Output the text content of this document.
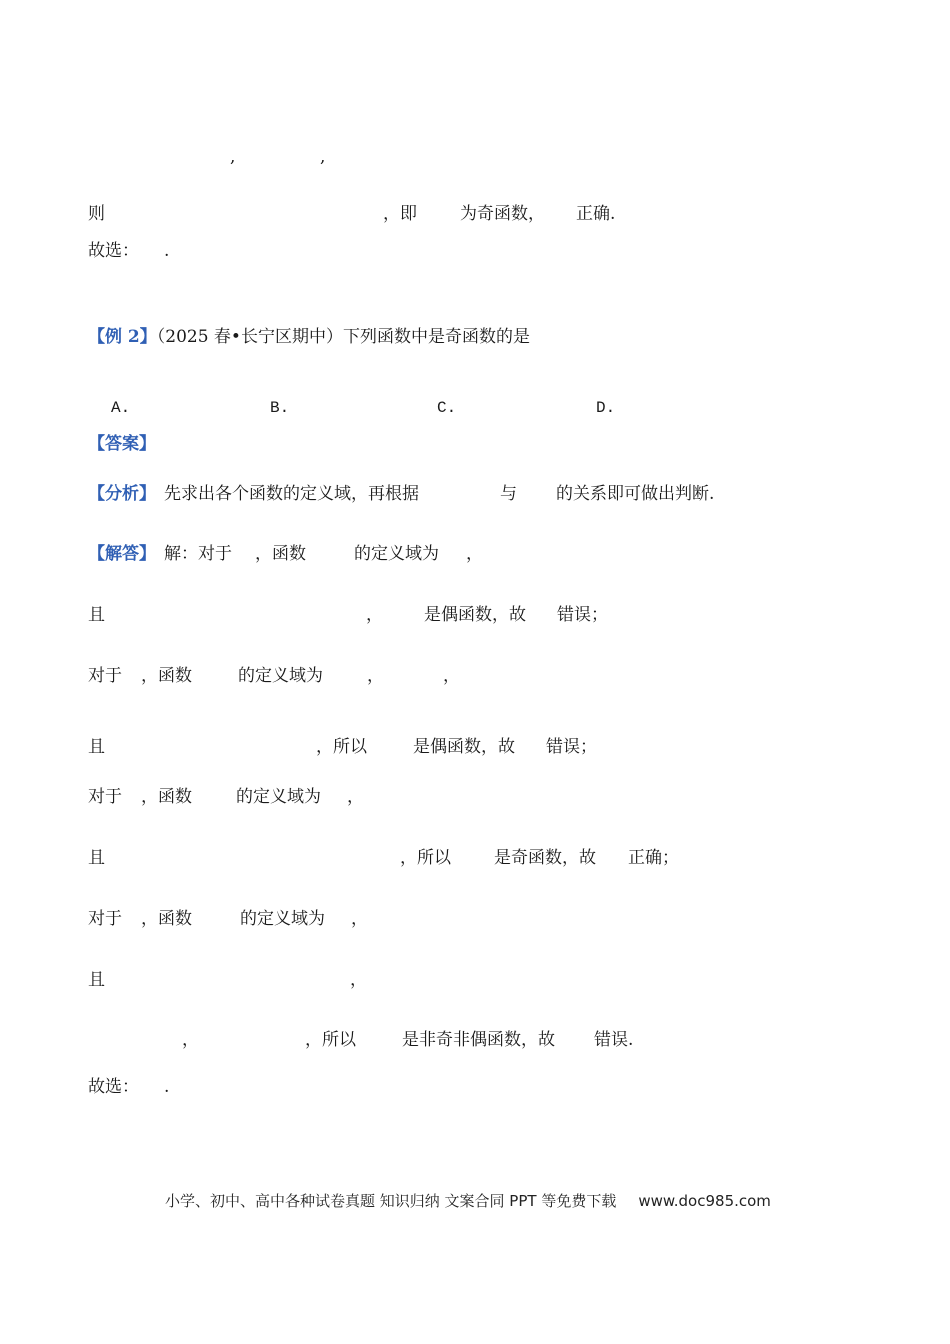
,	,
则	，即	为奇函数， 正确.
故选： .
【例 2】（2025 春•长宁区期中）下列函数中是奇函数的是
A.	B.	C.	D.
【答案】
【分析】 先求出各个函数的定义域，再根据	与 的关系即可做出判断.
【解答】 解：对于 ，函数	的定义域为 ，
且	， 是偶函数，故 错误；
对于 ，函数	的定义域为	，	，
且	，所以	是偶函数，故 错误；
对于 ，函数	的定义域为 ，
且	，所以	是奇函数，故 正确；
对于 ，函数	的定义域为 ，
且	，
，	，所以	是非奇非偶函数，故 错误.
故选： .
小学、初中、高中各种试卷真题 知识归纳 文案合同 PPT 等免费下载 www.doc985.com
